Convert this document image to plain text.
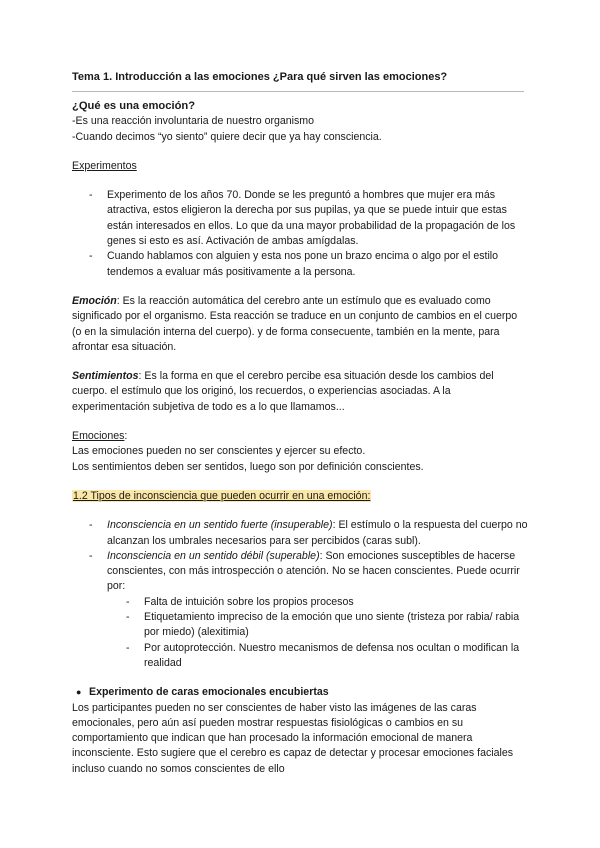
Tema 1. Introducción a las emociones ¿Para qué sirven las emociones?

¿Qué es una emoción?

-Es una reacción involuntaria de nuestro organismo

-Cuando decimos “yo siento” quiere decir que ya hay consciencia.

Experimentos

- Experimento de los años 70. Donde se les preguntó a hombres que mujer era más atractiva, estos eligieron la derecha por sus pupilas, ya que se puede intuir que estas están interesados en ellos. Lo que da una mayor probabilidad de la propagación de los genes si esto es así. Activación de ambas amígdalas.
- Cuando hablamos con alguien y esta nos pone un brazo encima o algo por el estilo tendemos a evaluar más positivamente a la persona.

Emoción: Es la reacción automática del cerebro ante un estímulo que es evaluado como significado por el organismo. Esta reacción se traduce en un conjunto de cambios en el cuerpo (o en la simulación interna del cuerpo). y de forma consecuente, también en la mente, para afrontar esa situación.

Sentimientos: Es la forma en que el cerebro percibe esa situación desde los cambios del cuerpo. el estímulo que los originó, los recuerdos, o experiencias asociadas. A la experimentación subjetiva de todo es a lo que llamamos...

Emociones:

Las emociones pueden no ser conscientes y ejercer su efecto.

Los sentimientos deben ser sentidos, luego son por definición conscientes.

1.2 Tipos de inconsciencia que pueden ocurrir en una emoción:

- Inconsciencia en un sentido fuerte (insuperable): El estímulo o la respuesta del cuerpo no alcanzan los umbrales necesarios para ser percibidos (caras subl).
- Inconsciencia en un sentido débil (superable): Son emociones susceptibles de hacerse conscientes, con más introspección o atención. No se hacen conscientes. Puede ocurrir por:
- Falta de intuición sobre los propios procesos
- Etiquetamiento impreciso de la emoción que uno siente (tristeza por rabia/ rabia por miedo) (alexitimia)
- Por autoprotección. Nuestro mecanismos de defensa nos ocultan o modifican la realidad

● Experimento de caras emocionales encubiertas

Los participantes pueden no ser conscientes de haber visto las imágenes de las caras emocionales, pero aún así pueden mostrar respuestas fisiológicas o cambios en su comportamiento que indican que han procesado la información emocional de manera inconsciente. Esto sugiere que el cerebro es capaz de detectar y procesar emociones faciales incluso cuando no somos conscientes de ello
